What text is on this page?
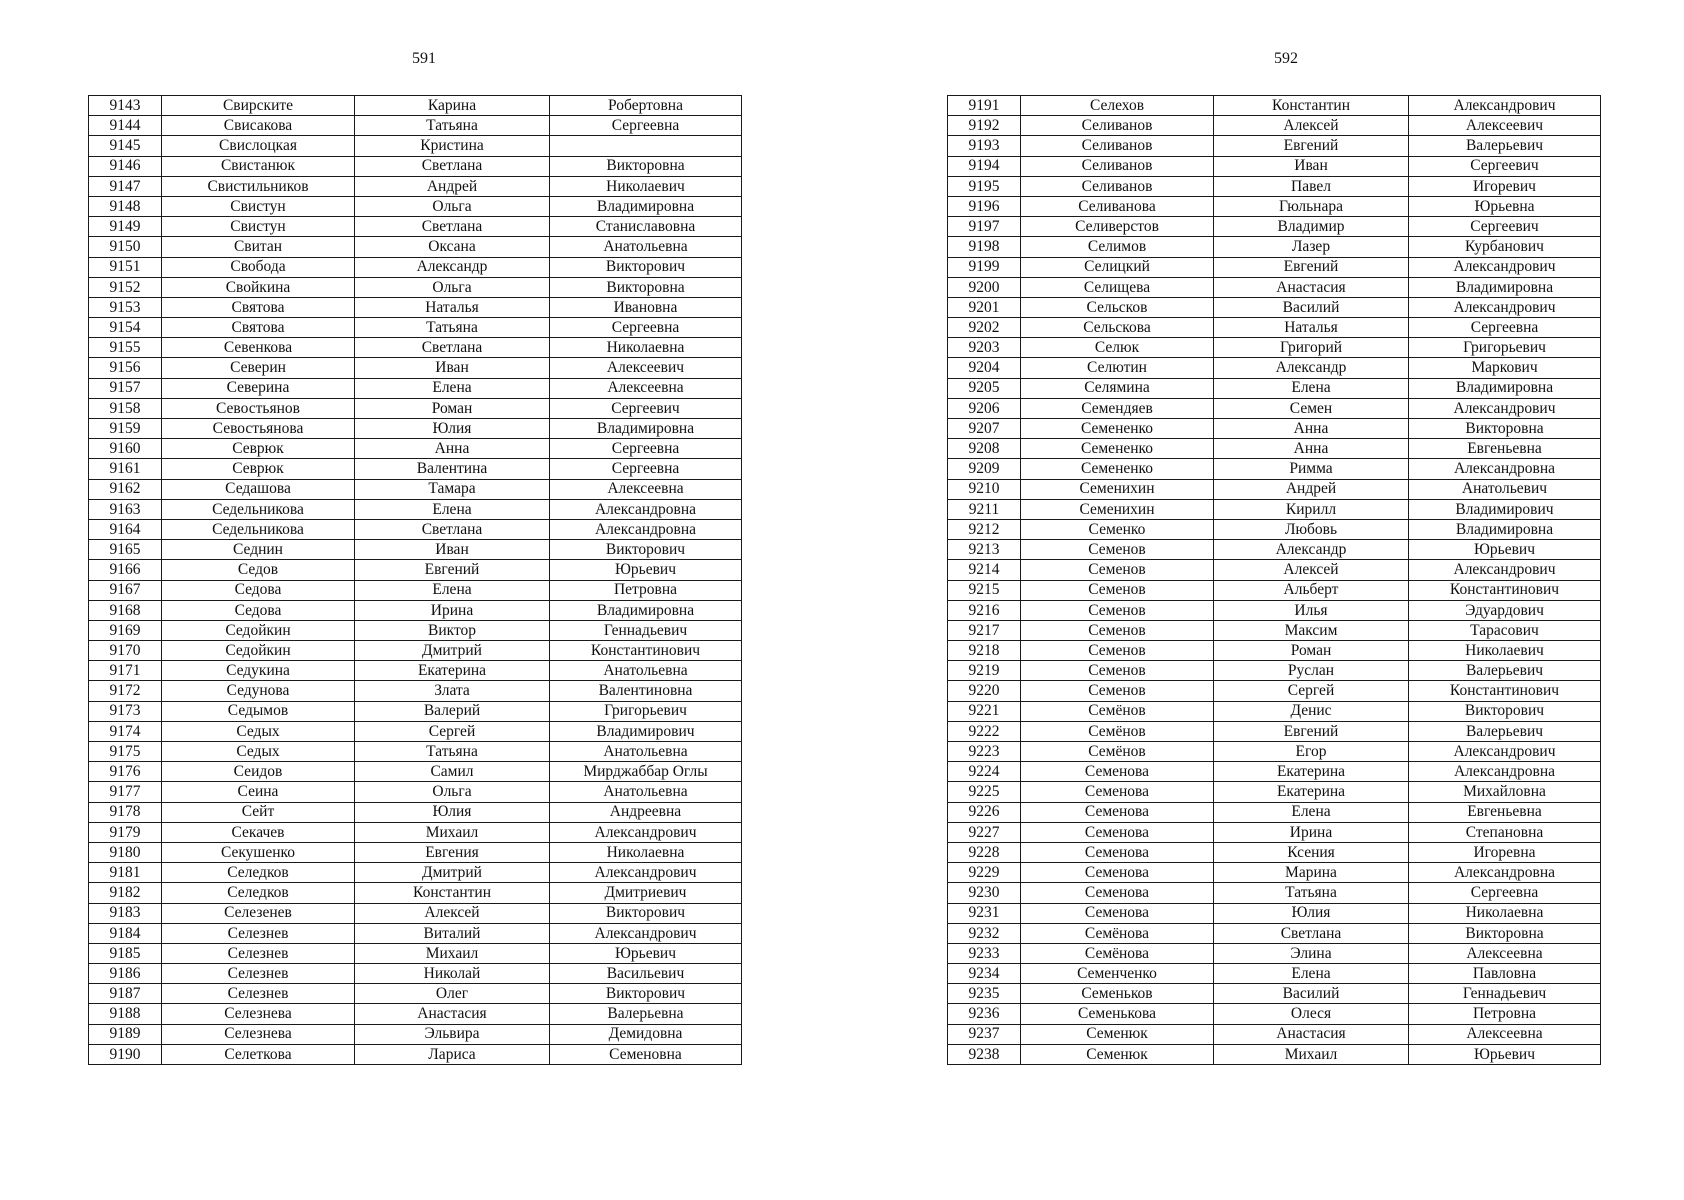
591	592
9143	Свирските	Карина	Робертовна
9144	Свисакова	Татьяна	Сергеевна
9145	Свислоцкая	Кристина	
9146	Свистанюк	Светлана	Викторовна
9147	Свистильников	Андрей	Николаевич
9148	Свистун	Ольга	Владимировна
9149	Свистун	Светлана	Станиславовна
9150	Свитан	Оксана	Анатольевна
9151	Свобода	Александр	Викторович
9152	Свойкина	Ольга	Викторовна
9153	Святова	Наталья	Ивановна
9154	Святова	Татьяна	Сергеевна
9155	Севенкова	Светлана	Николаевна
9156	Северин	Иван	Алексеевич
9157	Северина	Елена	Алексеевна
9158	Севостьянов	Роман	Сергеевич
9159	Севостьянова	Юлия	Владимировна
9160	Севрюк	Анна	Сергеевна
9161	Севрюк	Валентина	Сергеевна
9162	Седашова	Тамара	Алексеевна
9163	Седельникова	Елена	Александровна
9164	Седельникова	Светлана	Александровна
9165	Седнин	Иван	Викторович
9166	Седов	Евгений	Юрьевич
9167	Седова	Елена	Петровна
9168	Седова	Ирина	Владимировна
9169	Седойкин	Виктор	Геннадьевич
9170	Седойкин	Дмитрий	Константинович
9171	Седукина	Екатерина	Анатольевна
9172	Седунова	Злата	Валентиновна
9173	Седымов	Валерий	Григорьевич
9174	Седых	Сергей	Владимирович
9175	Седых	Татьяна	Анатольевна
9176	Сеидов	Самил	Мирджаббар Оглы
9177	Сеина	Ольга	Анатольевна
9178	Сейт	Юлия	Андреевна
9179	Секачев	Михаил	Александрович
9180	Секушенко	Евгения	Николаевна
9181	Селедков	Дмитрий	Александрович
9182	Селедков	Константин	Дмитриевич
9183	Селезенев	Алексей	Викторович
9184	Селезнев	Виталий	Александрович
9185	Селезнев	Михаил	Юрьевич
9186	Селезнев	Николай	Васильевич
9187	Селезнев	Олег	Викторович
9188	Селезнева	Анастасия	Валерьевна
9189	Селезнева	Эльвира	Демидовна
9190	Селеткова	Лариса	Семеновна
9191	Селехов	Константин	Александрович
9192	Селиванов	Алексей	Алексеевич
9193	Селиванов	Евгений	Валерьевич
9194	Селиванов	Иван	Сергеевич
9195	Селиванов	Павел	Игоревич
9196	Селиванова	Гюльнара	Юрьевна
9197	Селиверстов	Владимир	Сергеевич
9198	Селимов	Лазер	Курбанович
9199	Селицкий	Евгений	Александрович
9200	Селищева	Анастасия	Владимировна
9201	Сельсков	Василий	Александрович
9202	Сельскова	Наталья	Сергеевна
9203	Селюк	Григорий	Григорьевич
9204	Селютин	Александр	Маркович
9205	Селямина	Елена	Владимировна
9206	Семендяев	Семен	Александрович
9207	Семененко	Анна	Викторовна
9208	Семененко	Анна	Евгеньевна
9209	Семененко	Римма	Александровна
9210	Семенихин	Андрей	Анатольевич
9211	Семенихин	Кирилл	Владимирович
9212	Семенко	Любовь	Владимировна
9213	Семенов	Александр	Юрьевич
9214	Семенов	Алексей	Александрович
9215	Семенов	Альберт	Константинович
9216	Семенов	Илья	Эдуардович
9217	Семенов	Максим	Тарасович
9218	Семенов	Роман	Николаевич
9219	Семенов	Руслан	Валерьевич
9220	Семенов	Сергей	Константинович
9221	Семёнов	Денис	Викторович
9222	Семёнов	Евгений	Валерьевич
9223	Семёнов	Егор	Александрович
9224	Семенова	Екатерина	Александровна
9225	Семенова	Екатерина	Михайловна
9226	Семенова	Елена	Евгеньевна
9227	Семенова	Ирина	Степановна
9228	Семенова	Ксения	Игоревна
9229	Семенова	Марина	Александровна
9230	Семенова	Татьяна	Сергеевна
9231	Семенова	Юлия	Николаевна
9232	Семёнова	Светлана	Викторовна
9233	Семёнова	Элина	Алексеевна
9234	Семенченко	Елена	Павловна
9235	Семеньков	Василий	Геннадьевич
9236	Семенькова	Олеся	Петровна
9237	Семенюк	Анастасия	Алексеевна
9238	Семенюк	Михаил	Юрьевич
